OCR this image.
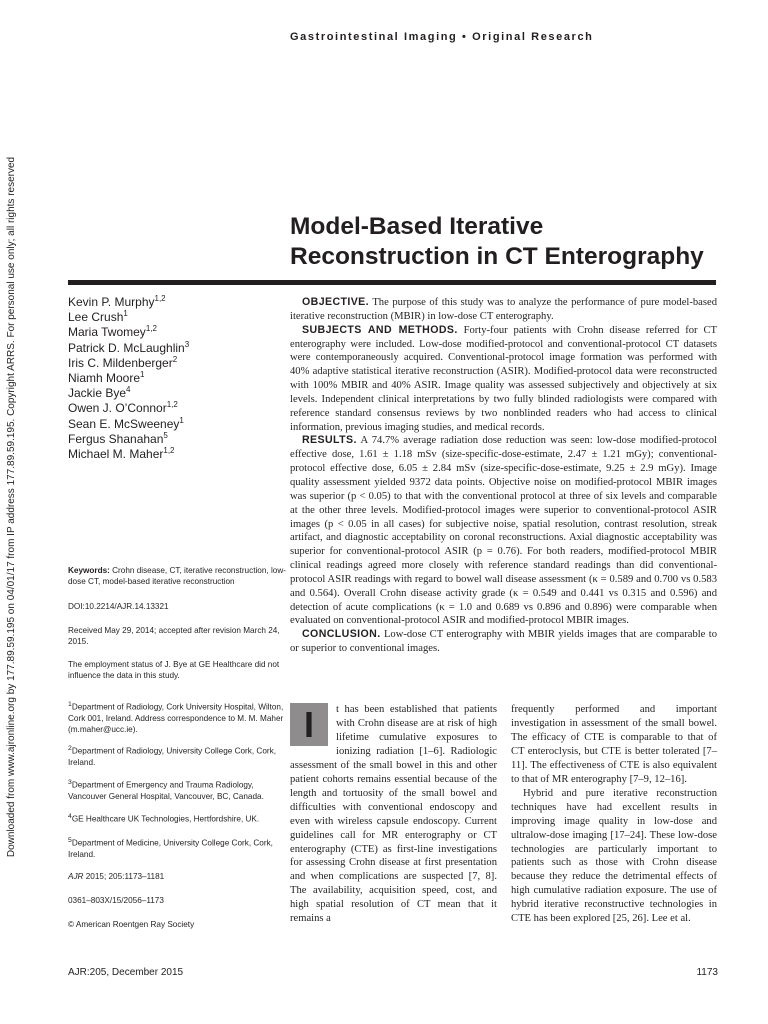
Downloaded from www.ajronline.org by 177.89.59.195 on 04/01/17 from IP address 177.89.59.195. Copyright ARRS. For personal use only; all rights reserved
Gastrointestinal Imaging • Original Research
Model-Based Iterative
Reconstruction in CT Enterography
Kevin P. Murphy$^{1,2}$
Lee Crush$^1$
Maria Twomey$^{1,2}$
Patrick D. McLaughlin$^3$
Iris C. Mildenberger$^2$
Niamh Moore$^1$
Jackie Bye$^4$
Owen J. O’Connor$^{1,2}$
Sean E. McSweeney$^1$
Fergus Shanahan$^5$
Michael M. Maher$^{1,2}$

Keywords: Crohn disease, CT, iterative reconstruction, low-dose CT, model-based iterative reconstruction

DOI:10.2214/AJR.14.13321
Received May 29, 2014; accepted after revision March 24, 2015.
The employment status of J. Bye at GE Healthcare did not influence the data in this study.
$^1$Department of Radiology, Cork University Hospital, Wilton, Cork 001, Ireland. Address correspondence to M. M. Maher (m.maher@ucc.ie).
$^2$Department of Radiology, University College Cork, Cork, Ireland.
$^3$Department of Emergency and Trauma Radiology, Vancouver General Hospital, Vancouver, BC, Canada.
$^4$GE Healthcare UK Technologies, Hertfordshire, UK.
$^5$Department of Medicine, University College Cork, Cork, Ireland.
AJR 2015; 205:1173–1181
0361–803X/15/2056–1173
© American Roentgen Ray Society

OBJECTIVE. The purpose of this study was to analyze the performance of pure model-based iterative reconstruction (MBIR) in low-dose CT enterography.

SUBJECTS AND METHODS. Forty-four patients with Crohn disease referred for CT enterography were included. Low-dose modified-protocol and conventional-protocol CT datasets were contemporaneously acquired. Conventional-protocol image formation was performed with 40% adaptive statistical iterative reconstruction (ASIR). Modified-protocol data were reconstructed with 100% MBIR and 40% ASIR. Image quality was assessed subjectively and objectively at six levels. Independent clinical interpretations by two fully blinded radiologists were compared with reference standard consensus reviews by two nonblinded readers who had access to clinical information, previous imaging studies, and medical records.

RESULTS. A 74.7% average radiation dose reduction was seen: low-dose modified-protocol effective dose, 1.61 ± 1.18 mSv (size-specific-dose-estimate, 2.47 ± 1.21 mGy); conventional-protocol effective dose, 6.05 ± 2.84 mSv (size-specific-dose-estimate, 9.25 ± 2.9 mGy). Image quality assessment yielded 9372 data points. Objective noise on modified-protocol MBIR images was superior (p < 0.05) to that with the conventional protocol at three of six levels and comparable at the other three levels. Modified-protocol images were superior to conventional-protocol ASIR images (p < 0.05 in all cases) for subjective noise, spatial resolution, contrast resolution, streak artifact, and diagnostic acceptability on coronal reconstructions. Axial diagnostic acceptability was superior for conventional-protocol ASIR (p = 0.76). For both readers, modified-protocol MBIR clinical readings agreed more closely with reference standard readings than did conventional-protocol ASIR readings with regard to bowel wall disease assessment (κ = 0.589 and 0.700 vs 0.583 and 0.564). Overall Crohn disease activity grade (κ = 0.549 and 0.441 vs 0.315 and 0.596) and detection of acute complications (κ = 1.0 and 0.689 vs 0.896 and 0.896) were comparable when evaluated on conventional-protocol ASIR and modified-protocol MBIR images.

CONCLUSION. Low-dose CT enterography with MBIR yields images that are comparable to or superior to conventional images.

I	t has been established that patients with Crohn disease are at risk of high lifetime cumulative exposures to ionizing radiation [1–6]. Radiologic assessment of the small bowel in this and other patient cohorts remains essential because of the length and tortuosity of the small bowel and difficulties with conventional endoscopy and even with wireless capsule endoscopy. Current guidelines call for MR enterography or CT enterography (CTE) as first-line investigations for assessing Crohn disease at first presentation and when complications are suspected [7, 8]. The availability, acquisition speed, cost, and high spatial resolution of CT mean that it remains a

frequently performed and important investigation in assessment of the small bowel. The efficacy of CTE is comparable to that of CT enteroclysis, but CTE is better tolerated [7–11]. The effectiveness of CTE is also equivalent to that of MR enterography [7–9, 12–16].

Hybrid and pure iterative reconstruction techniques have had excellent results in improving image quality in low-dose and ultralow-dose imaging [17–24]. These low-dose technologies are particularly important to patients such as those with Crohn disease because they reduce the detrimental effects of high cumulative radiation exposure. The use of hybrid iterative reconstructive technologies in CTE has been explored [25, 26]. Lee et al.

AJR:205, December 2015	1173
